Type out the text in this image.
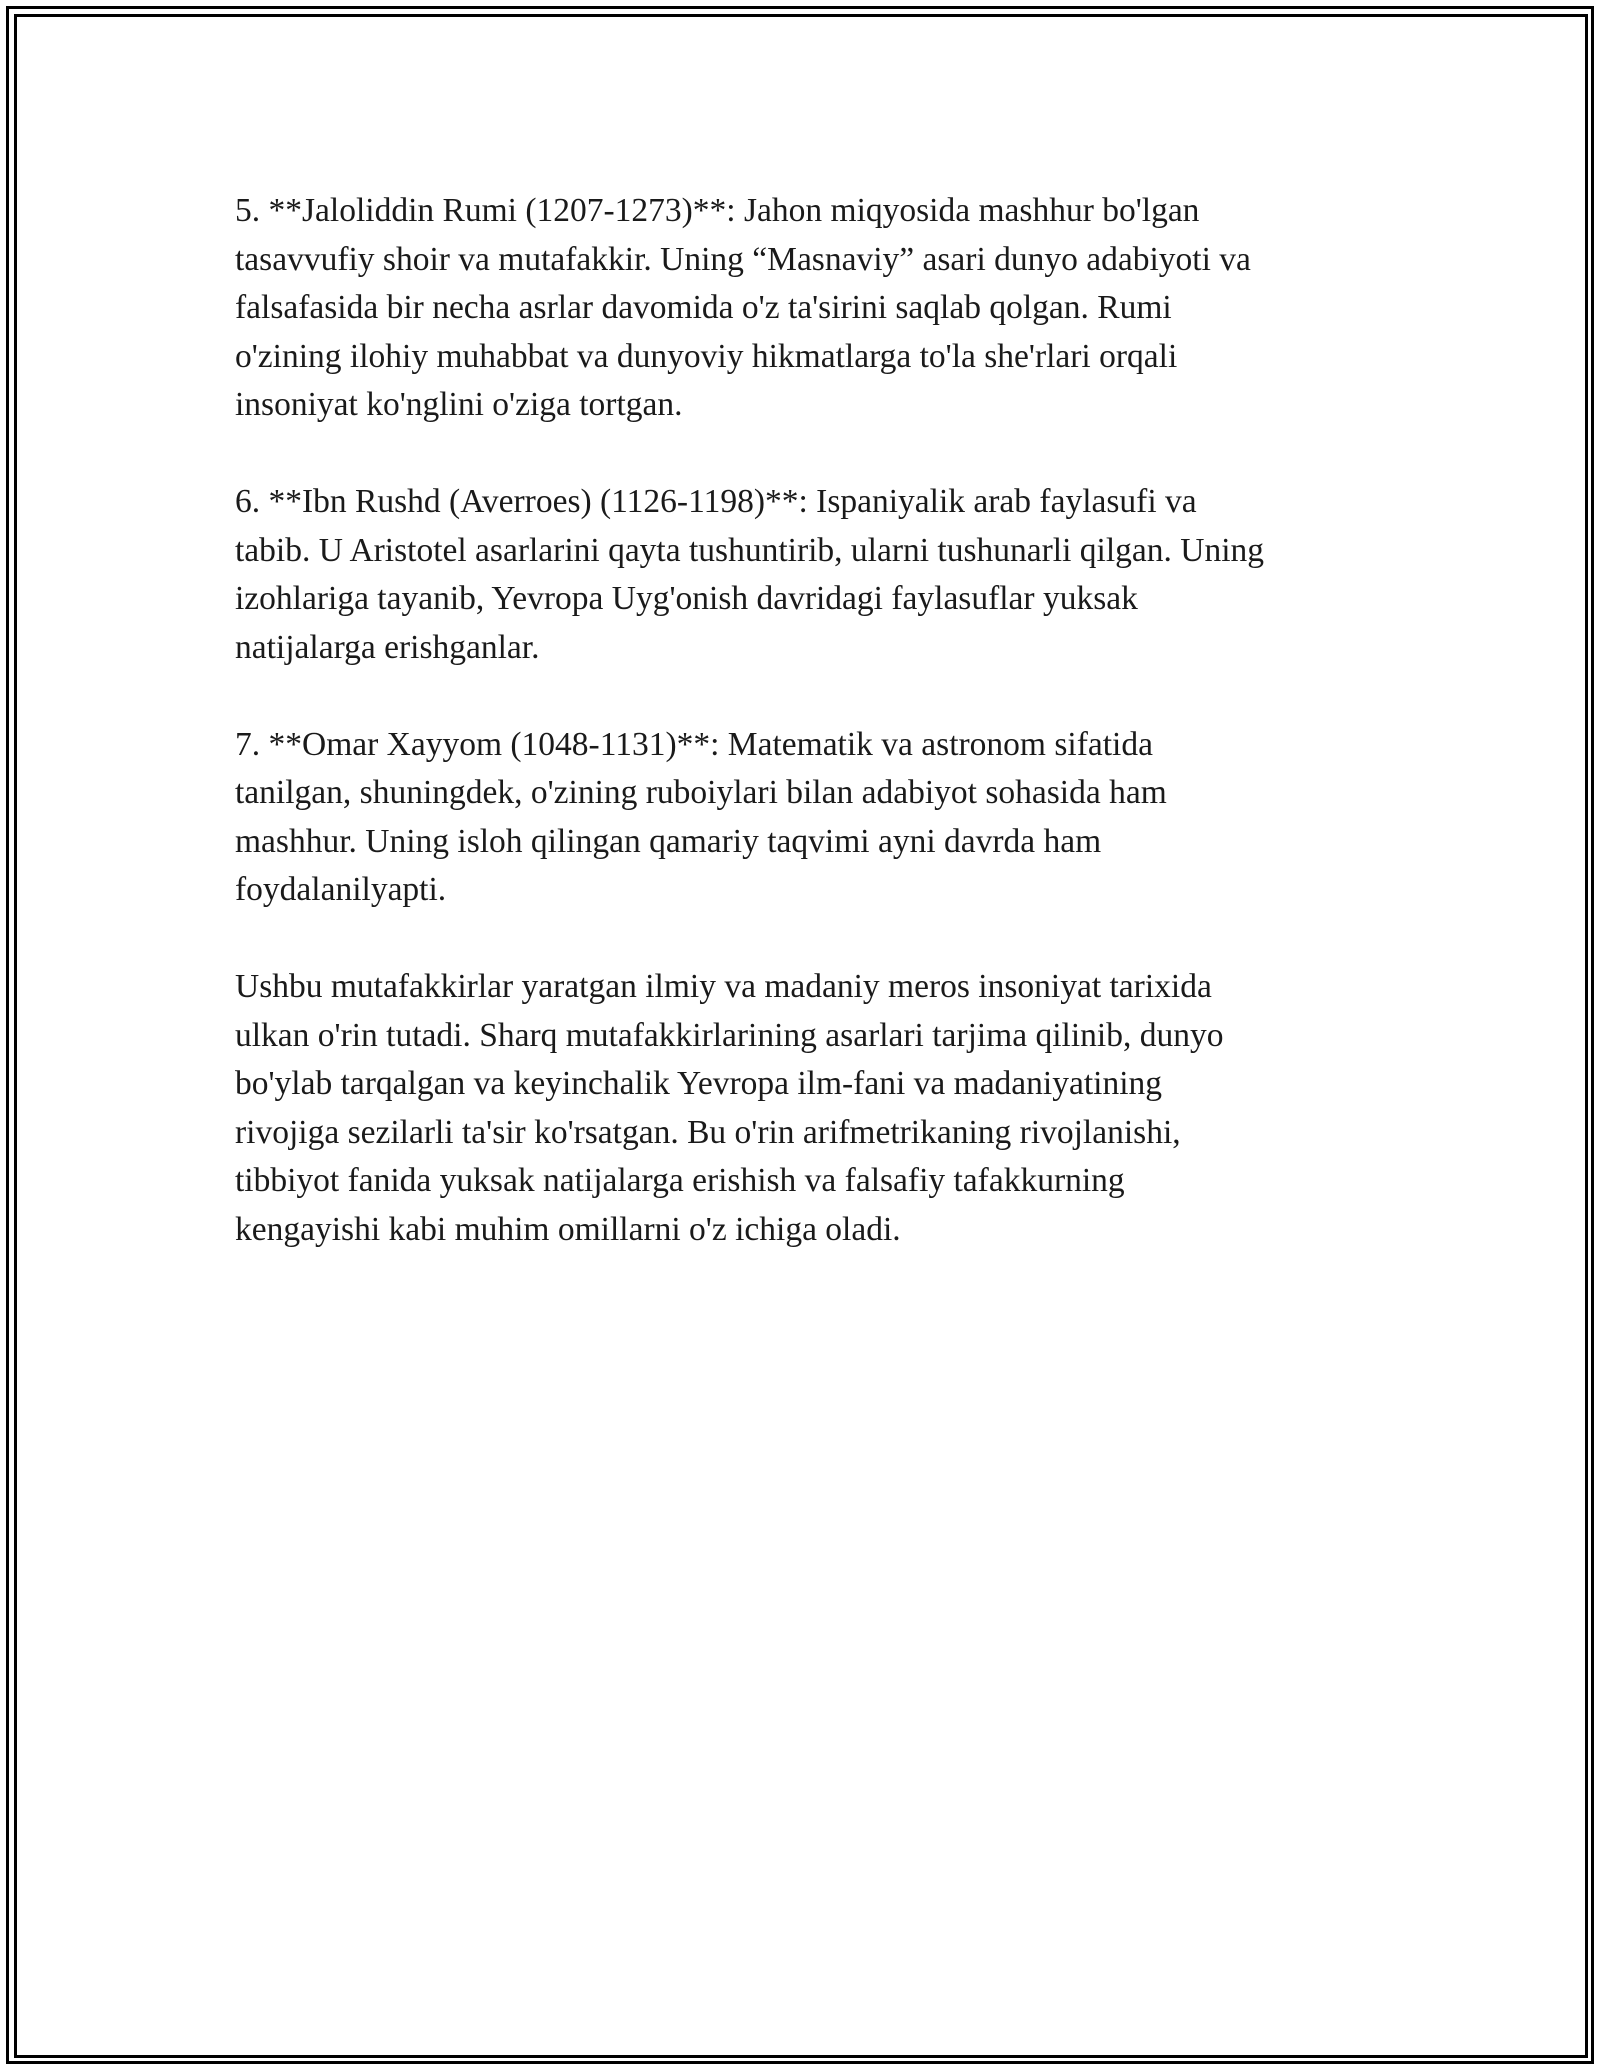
5. **Jaloliddin Rumi (1207-1273)**: Jahon miqyosida mashhur bo'lgan
tasavvufiy shoir va mutafakkir. Uning “Masnaviy” asari dunyo adabiyoti va
falsafasida bir necha asrlar davomida o'z ta'sirini saqlab qolgan. Rumi
o'zining ilohiy muhabbat va dunyoviy hikmatlarga to'la she'rlari orqali
insoniyat ko'nglini o'ziga tortgan.

6. **Ibn Rushd (Averroes) (1126-1198)**: Ispaniyalik arab faylasufi va
tabib. U Aristotel asarlarini qayta tushuntirib, ularni tushunarli qilgan. Uning
izohlariga tayanib, Yevropa Uyg'onish davridagi faylasuflar yuksak
natijalarga erishganlar.

7. **Omar Xayyom (1048-1131)**: Matematik va astronom sifatida
tanilgan, shuningdek, o'zining ruboiylari bilan adabiyot sohasida ham
mashhur. Uning isloh qilingan qamariy taqvimi ayni davrda ham
foydalanilyapti.

Ushbu mutafakkirlar yaratgan ilmiy va madaniy meros insoniyat tarixida
ulkan o'rin tutadi. Sharq mutafakkirlarining asarlari tarjima qilinib, dunyo
bo'ylab tarqalgan va keyinchalik Yevropa ilm-fani va madaniyatining
rivojiga sezilarli ta'sir ko'rsatgan. Bu o'rin arifmetrikaning rivojlanishi,
tibbiyot fanida yuksak natijalarga erishish va falsafiy tafakkurning
kengayishi kabi muhim omillarni o'z ichiga oladi.
